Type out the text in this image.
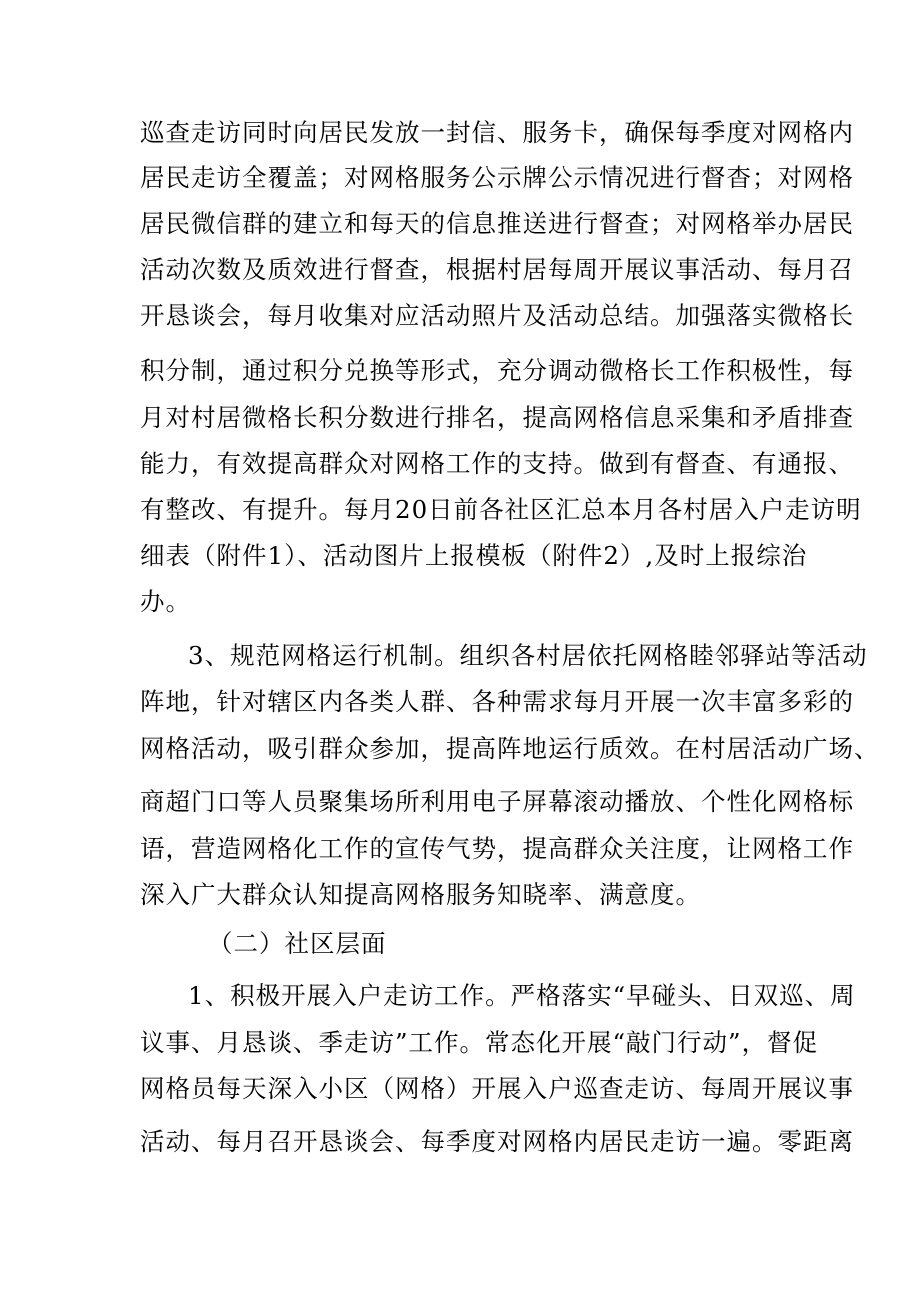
巡查走访同时向居民发放一封信、服务卡，确保每季度对网格内

居民走访全覆盖；对网格服务公示牌公示情况进行督杳；对网格

居民微信群的建立和每天的信息推送进行督查；对网格举办居民

活动次数及质效进行督查，根据村居每周开展议事活动、每月召

开恳谈会，每月收集对应活动照片及活动总结。加强落实微格长

积分制，通过积分兑换等形式，充分调动微格长工作积极性，每

月对村居微格长积分数进行排名，提高网格信息采集和矛盾排查

能力，有效提高群众对网格工作的支持。做到有督查、有通报、

有整改、有提升。每月20日前各社区汇总本月各村居入户走访明

细表（附件1）、活动图片上报模板（附件2）,及时上报综治

办。

3、规范网格运行机制。组织各村居依托网格睦邻驿站等活动

阵地，针对辖区内各类人群、各种需求每月开展一次丰富多彩的

网格活动，吸引群众参加，提高阵地运行质效。在村居活动广场、

商超门口等人员聚集场所利用电子屏幕滚动播放、个性化网格标

语，营造网格化工作的宣传气势，提高群众关注度，让网格工作

深入广大群众认知提高网格服务知晓率、满意度。

（二）社区层面

1、积极开展入户走访工作。严格落实“早碰头、日双巡、周

议事、月恳谈、季走访”工作。常态化开展“敲门行动”，督促

网格员每天深入小区（网格）开展入户巡查走访、每周开展议事

活动、每月召开恳谈会、每季度对网格内居民走访一遍。零距离
